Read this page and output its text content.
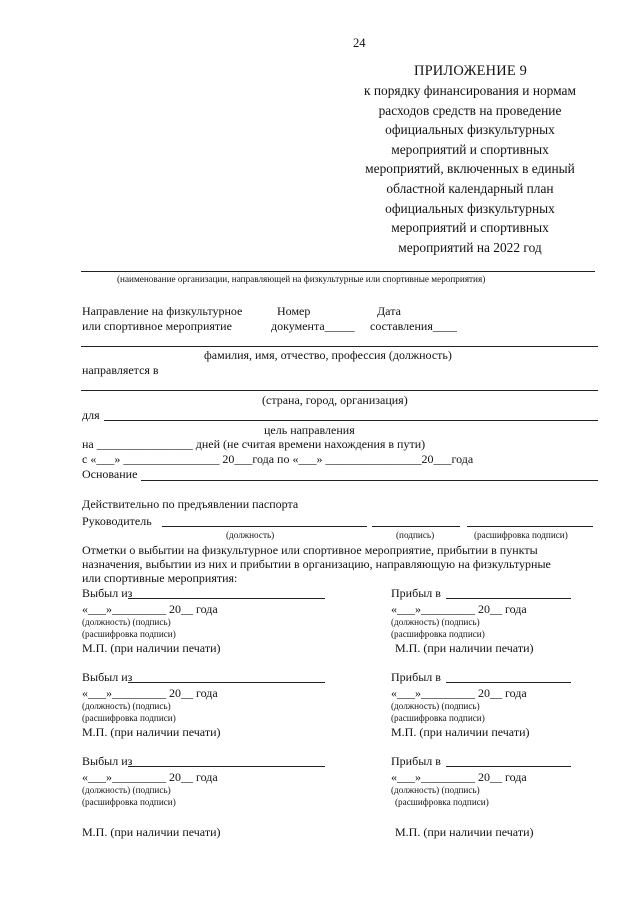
24
ПРИЛОЖЕНИЕ 9
к порядку финансирования и нормам
расходов средств на проведение
официальных физкультурных
мероприятий и спортивных
мероприятий, включенных в единый
областной календарный план
официальных физкультурных
мероприятий и спортивных
мероприятий на 2022 год
(наименование организации, направляющей на физкультурные или спортивные мероприятия)
Направление на физкультурное
или спортивное мероприятие
Номер
документа_____
Дата
составления____
фамилия, имя, отчество, профессия (должность)
направляется в
(страна, город, организация)
для
цель направления
на ________________ дней (не считая времени нахождения в пути)
с «___» ________________ 20___года по «___» ________________20___года
Основание
Действительно по предъявлении паспорта
Руководитель
(должность)	(подпись)	(расшифровка подписи)
Отметки о выбытии на физкультурное или спортивное мероприятие, прибытии в пункты
назначения, выбытии из них и прибытии в организацию, направляющую на физкультурные
или спортивные мероприятия:
Выбыл из
«___»_________ 20__ года
(должность) (подпись)
(расшифровка подписи)
М.П. (при наличии печати)
Прибыл в
«___»_________ 20__ года
(должность) (подпись)
(расшифровка подписи)
М.П. (при наличии печати)
Выбыл из
«___»_________ 20__ года
(должность) (подпись)
(расшифровка подписи)
М.П. (при наличии печати)
Прибыл в
«___»_________ 20__ года
(должность) (подпись)
(расшифровка подписи)
М.П. (при наличии печати)
Выбыл из
«___»_________ 20__ года
(должность) (подпись)
(расшифровка подписи)
М.П. (при наличии печати)
Прибыл в
«___»_________ 20__ года
(должность) (подпись)
(расшифровка подписи)
М.П. (при наличии печати)
